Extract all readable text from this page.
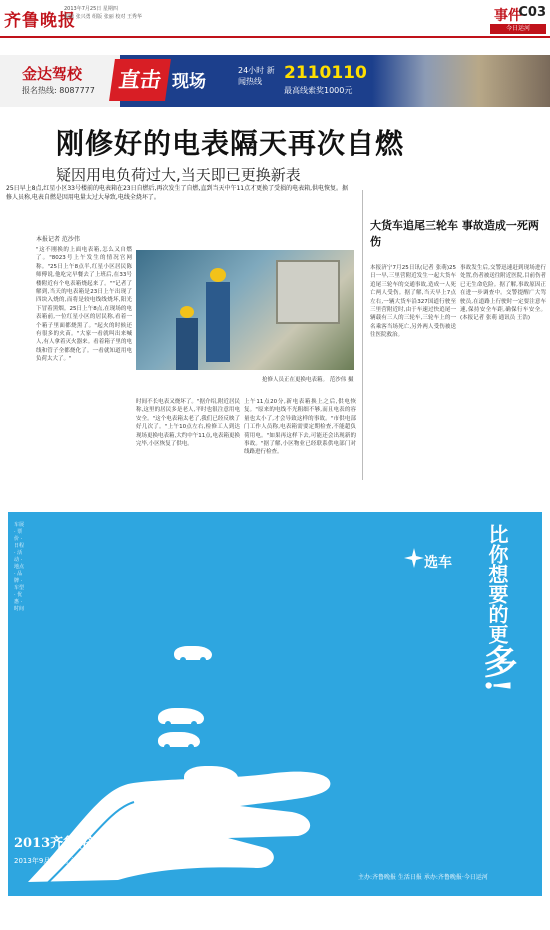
齐鲁晚报
2013年7月25日 星期四
编辑 张兴勇 组版 张丽 校对 王秀华	事件
C03
今日运河
金达驾校
报名热线: 8087777	直击 现场
24小时 新闻热线	2110110
最高线索奖1000元
刚修好的电表隔天再次自燃
疑因用电负荷过大,当天即已更换新表
25日早上8点,红星小区33号楼前的电表箱在23日自燃后,再次发生了自燃,直到当天中午11点才更换了受损的电表箱,供电恢复。据修人员称,电表自燃是因用电量太过大导致,电线全烧坏了。
本报记者 范沙伟
"这不刚换的上面电表箱,怎么又自燃了。"8023号上午发生的情况官网称。"25日上午8点半,红星小区居民陈师傅说,他吃完早餐去了上班后,在33号楼附近有个电表箱烧起来了。""记者了解到,当天的电表箱是23日上午出现了四块入烧的,而将是较电线线烧坏,阳光下冒着黑烟。25日上午8点,在现场的电表箱前,一位红星小区的居民称,看着一个箱子里面都烧黑了。"起火的时候还有很多的火苗。"大家一看就叫出来喊人,有人拿着灭火器来。看着箱子里的电线和管子全都烧化了。一看就知道用电负荷太大了。"
抢修人员正在更换电表箱。 范沙伟 摄
时间不长电表又烧坏了。"据介绍,附近居民称,这里的居民多是老人,平时也很注意用电安全。"这个电表箱太老了,我们已经反映了好几次了。"上午10点左右,检修工人到达现场更换电表箱,大约中午11点,电表箱更换完毕,小区恢复了供电。
上午11点20分,新电表箱换上之后,供电恢复。"原来的电线不光粗细不够,而且电表的容量也太小了,才会导致这样的事故。"市供电部门工作人员称,电表箱需要定期检查,不能超负荷用电。"如果再这样下去,可能还会出现新的事故。"据了解,小区物业已经联系供电部门对线路进行检查。
大货车追尾三轮车 事故造成一死两伤
本报济宁7月25日讯(记者 张萌)25日一早,三里营附近发生一起大货车追尾三轮车的交通事故,造成一人死亡两人受伤。据了解,当天早上7点左右,一辆大货车沿327国道行驶至三里营附近时,由于车速过快追尾一辆载有三人的三轮车,三轮车上的一名乘客当场死亡,另外两人受伤被送往医院救治。
事故发生后,交警迅速赶到现场进行处置,伤者被送往附近医院,目前伤者已无生命危险。据了解,事故原因正在进一步调查中。交警提醒广大驾驶员,在道路上行驶时一定要注意车速,保持安全车距,确保行车安全。(本报记者 张萌 通讯员 王浩)
车展 · 票价 · 日程 · 活动 · 地点 · 品牌 · 车型 · 优惠 · 时间
选车 比你想要的更多!
2013齐鲁(济宁)秋季车展
2013年9月6-8日 济宁体育场
主办:齐鲁晚报 生活日报 承办:齐鲁晚报·今日运河
